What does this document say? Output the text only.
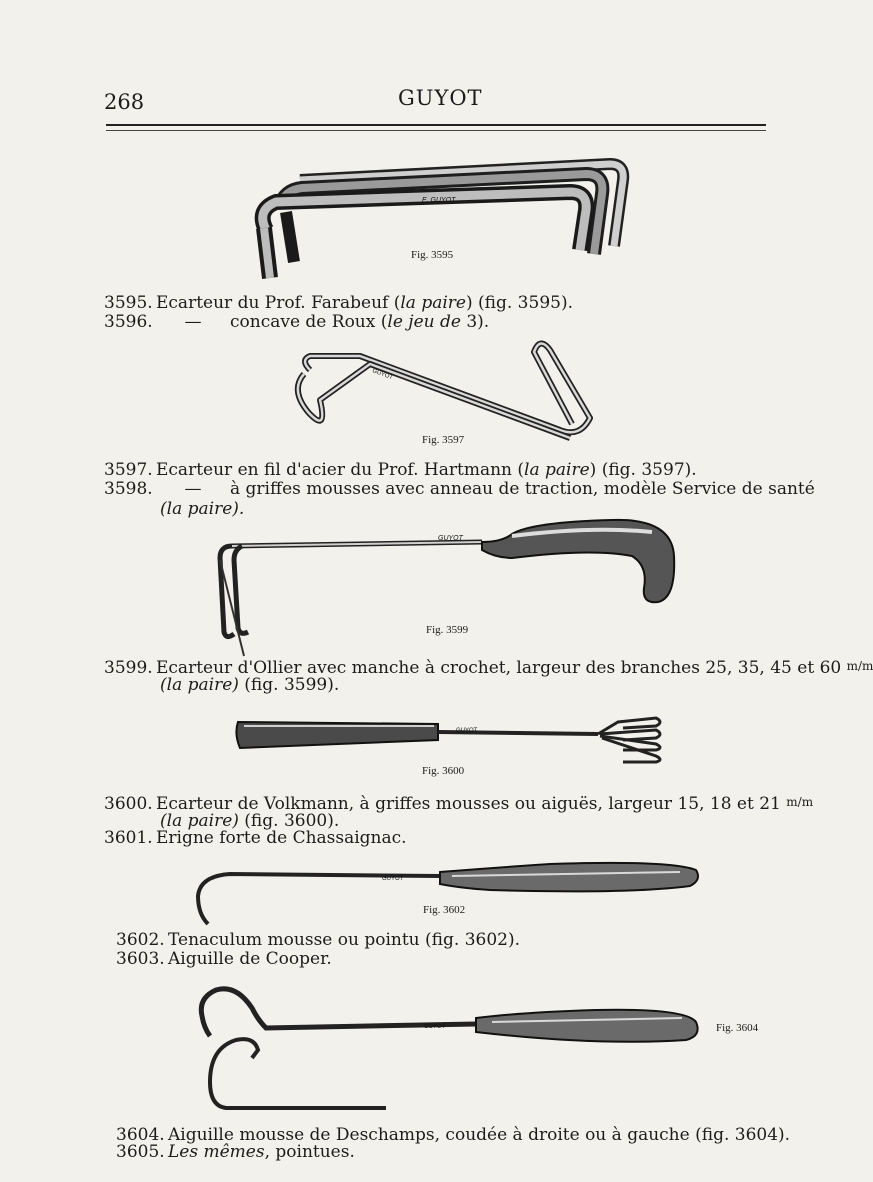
268	GUYOT
E. GUYOT
Fig. 3595
3595. Ecarteur du Prof. Farabeuf (la paire) (fig. 3595).
3596. — concave de Roux (le jeu de 3).
GUYOT
Fig. 3597
3597. Ecarteur en fil d'acier du Prof. Hartmann (la paire) (fig. 3597).
3598. — à griffes mousses avec anneau de traction, modèle Service de santé
(la paire).
GUYOT
Fig. 3599
3599. Ecarteur d'Ollier avec manche à crochet, largeur des branches 25, 35, 45 et 60 m/m
(la paire) (fig. 3599).
GUYOT
Fig. 3600
3600. Ecarteur de Volkmann, à griffes mousses ou aiguës, largeur 15, 18 et 21 m/m
(la paire) (fig. 3600).
3601. Erigne forte de Chassaignac.
GUYOT
Fig. 3602
3602. Tenaculum mousse ou pointu (fig. 3602).
3603. Aiguille de Cooper.
GUYOT	Fig. 3604
3604. Aiguille mousse de Deschamps, coudée à droite ou à gauche (fig. 3604).
3605. Les mêmes, pointues.
